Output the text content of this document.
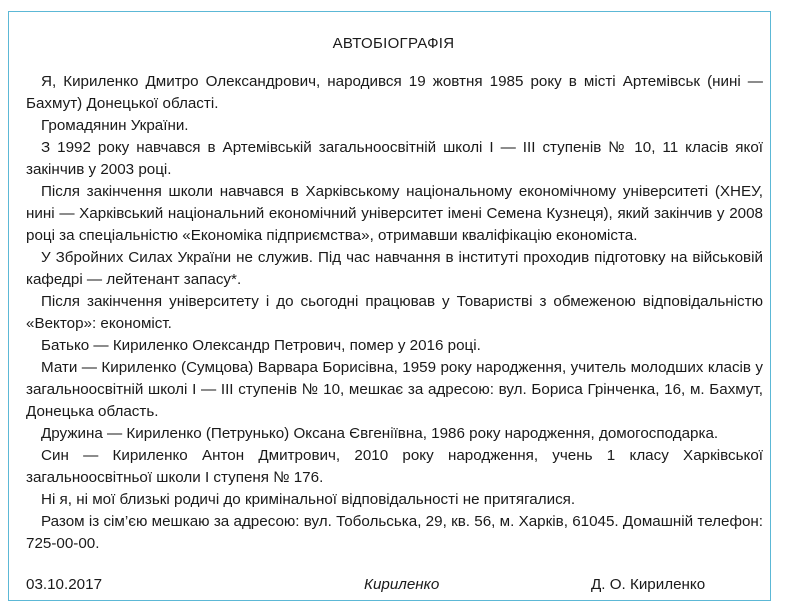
АВТОБІОГРАФІЯ

Я, Кириленко Дмитро Олександрович, народився 19 жовтня 1985 року в місті Артемівськ (нині — Бахмут) Донецької області.

Громадянин України.

З 1992 року навчався в Артемівській загальноосвітній школі І — ІІІ ступенів № 10, 11 класів якої закінчив у 2003 році.

Після закінчення школи навчався в Харківському національному економічному університеті (ХНЕУ, нині — Харківський національний економічний університет імені Семена Кузнеця), який закінчив у 2008 році за спеціальністю «Економіка підприємства», отримавши кваліфікацію економіста.

У Збройних Силах України не служив. Під час навчання в інституті проходив підготовку на військовій кафедрі — лейтенант запасу*.

Після закінчення університету і до сьогодні працював у Товаристві з обмеженою відповідальністю «Вектор»: економіст.

Батько — Кириленко Олександр Петрович, помер у 2016 році.

Мати — Кириленко (Сумцова) Варвара Борисівна, 1959 року народження, учитель молодших класів у загальноосвітній школі І — ІІІ ступенів № 10, мешкає за адресою: вул. Бориса Грінченка, 16, м. Бахмут, Донецька область.

Дружина — Кириленко (Петрунько) Оксана Євгеніївна, 1986 року народження, домогосподарка.

Син — Кириленко Антон Дмитрович, 2010 року народження, учень 1 класу Харківської загальноосвітньої школи І ступеня № 176.

Ні я, ні мої близькі родичі до кримінальної відповідальності не притягалися.

Разом із сім’єю мешкаю за адресою: вул. Тобольська, 29, кв. 56, м. Харків, 61045. Домашній телефон: 725-00-00.

03.10.2017	Кириленко	Д. О. Кириленко
